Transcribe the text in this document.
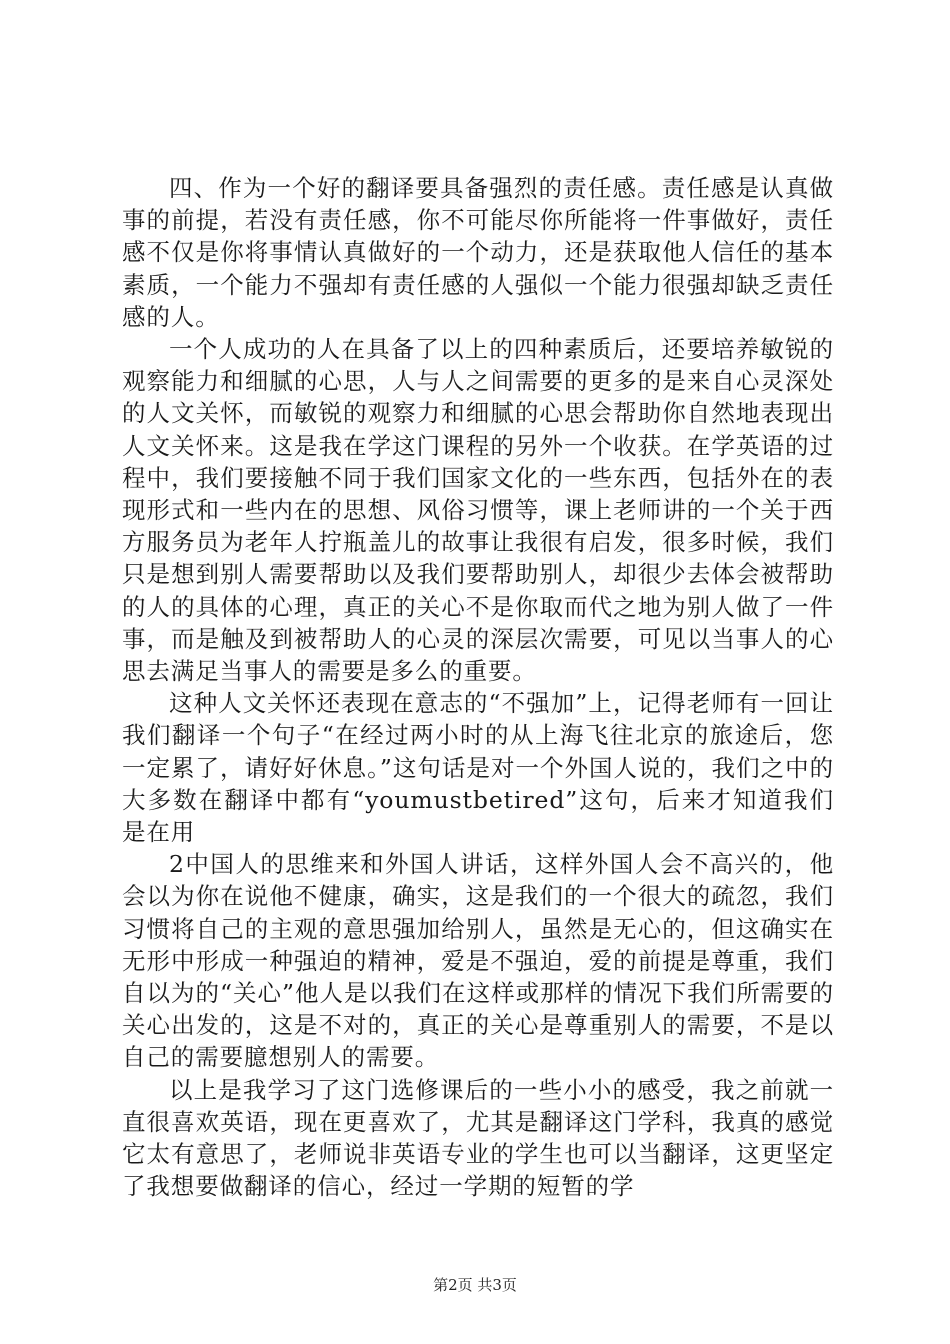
四、作为一个好的翻译要具备强烈的责任感。责任感是认真做事的前提，若没有责任感，你不可能尽你所能将一件事做好，责任感不仅是你将事情认真做好的一个动力，还是获取他人信任的基本素质，一个能力不强却有责任感的人强似一个能力很强却缺乏责任感的人。

一个人成功的人在具备了以上的四种素质后，还要培养敏锐的观察能力和细腻的心思，人与人之间需要的更多的是来自心灵深处的人文关怀，而敏锐的观察力和细腻的心思会帮助你自然地表现出人文关怀来。这是我在学这门课程的另外一个收获。在学英语的过程中，我们要接触不同于我们国家文化的一些东西，包括外在的表现形式和一些内在的思想、风俗习惯等，课上老师讲的一个关于西方服务员为老年人拧瓶盖儿的故事让我很有启发，很多时候，我们只是想到别人需要帮助以及我们要帮助别人，却很少去体会被帮助的人的具体的心理，真正的关心不是你取而代之地为别人做了一件事，而是触及到被帮助人的心灵的深层次需要，可见以当事人的心思去满足当事人的需要是多么的重要。

这种人文关怀还表现在意志的“不强加”上，记得老师有一回让我们翻译一个句子“在经过两小时的从上海飞往北京的旅途后，您一定累了，请好好休息。”这句话是对一个外国人说的，我们之中的大多数在翻译中都有“youmustbetired”这句，后来才知道我们是在用

2中国人的思维来和外国人讲话，这样外国人会不高兴的，他会以为你在说他不健康，确实，这是我们的一个很大的疏忽，我们习惯将自己的主观的意思强加给别人，虽然是无心的，但这确实在无形中形成一种强迫的精神，爱是不强迫，爱的前提是尊重，我们自以为的“关心”他人是以我们在这样或那样的情况下我们所需要的关心出发的，这是不对的，真正的关心是尊重别人的需要，不是以自己的需要臆想别人的需要。

以上是我学习了这门选修课后的一些小小的感受，我之前就一直很喜欢英语，现在更喜欢了，尤其是翻译这门学科，我真的感觉它太有意思了，老师说非英语专业的学生也可以当翻译，这更坚定了我想要做翻译的信心，经过一学期的短暂的学

第2页 共3页
